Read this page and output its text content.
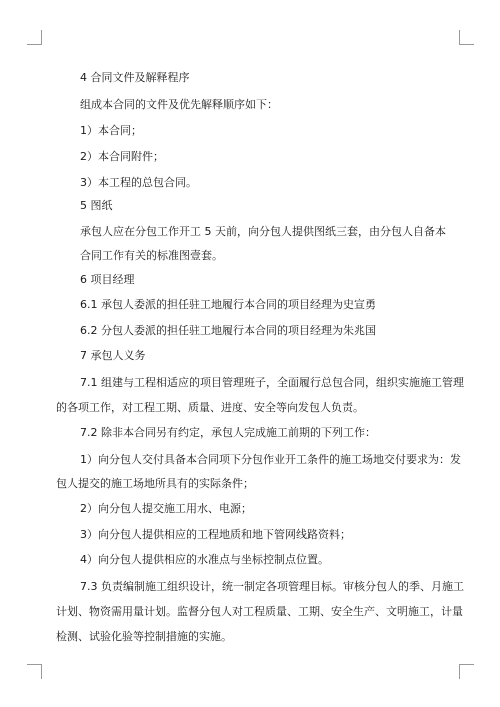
4 合同文件及解释程序
组成本合同的文件及优先解释顺序如下：
1）本合同；
2）本合同附件；
3）本工程的总包合同。
5 图纸
承包人应在分包工作开工 5 天前，向分包人提供图纸三套，由分包人自备本
合同工作有关的标准图壹套。
6 项目经理
6.1 承包人委派的担任驻工地履行本合同的项目经理为史宣勇
6.2 分包人委派的担任驻工地履行本合同的项目经理为朱兆国
7 承包人义务
7.1 组建与工程相适应的项目管理班子，全面履行总包合同，组织实施施工管理
的各项工作，对工程工期、质量、进度、安全等向发包人负责。
7.2 除非本合同另有约定，承包人完成施工前期的下列工作：
1）向分包人交付具备本合同项下分包作业开工条件的施工场地交付要求为：发
包人提交的施工场地所具有的实际条件；
2）向分包人提交施工用水、电源；
3）向分包人提供相应的工程地质和地下管网线路资料；
4）向分包人提供相应的水准点与坐标控制点位置。
7.3 负责编制施工组织设计，统一制定各项管理目标。审核分包人的季、月施工
计划、物资需用量计划。监督分包人对工程质量、工期、安全生产、文明施工，计量
检测、试验化验等控制措施的实施。
